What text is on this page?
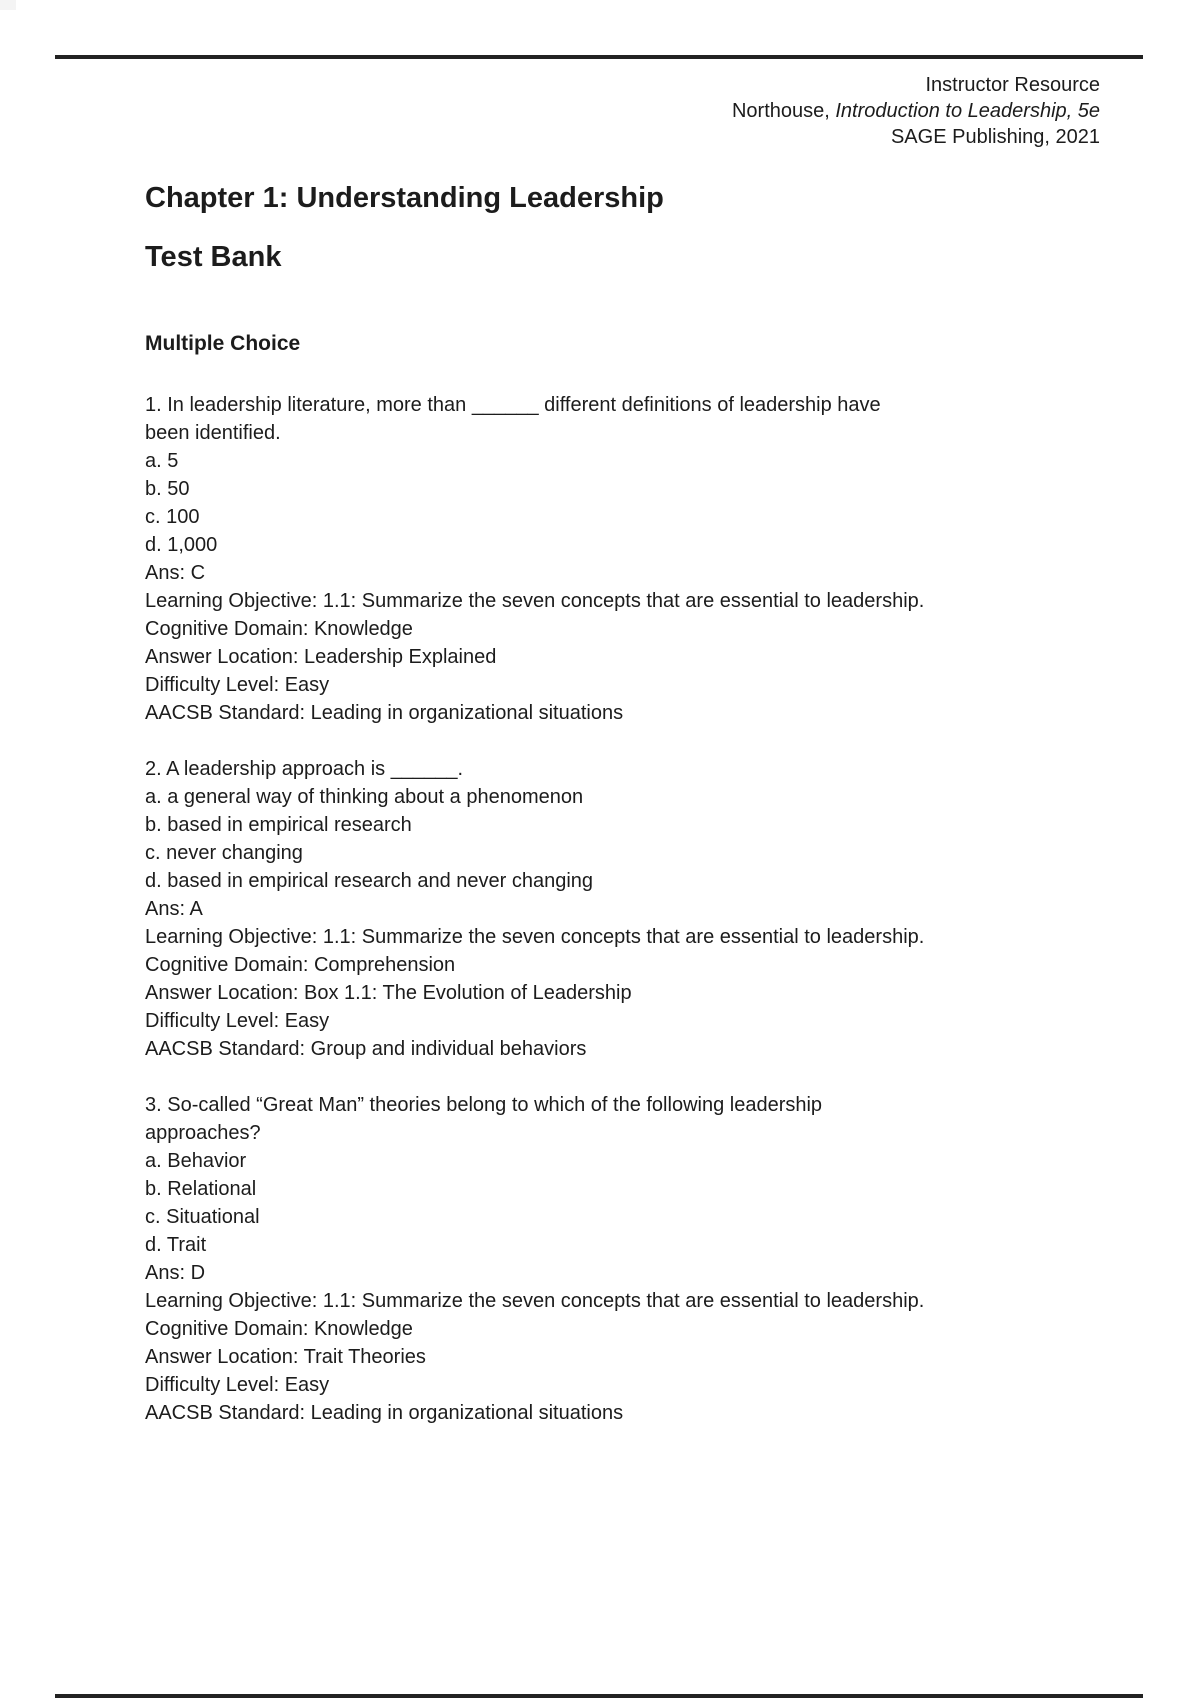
Instructor Resource
Northouse, Introduction to Leadership, 5e
SAGE Publishing, 2021
Chapter 1: Understanding Leadership
Test Bank
Multiple Choice
1. In leadership literature, more than ______ different definitions of leadership have
been identified.
a. 5
b. 50
c. 100
d. 1,000
Ans: C
Learning Objective: 1.1: Summarize the seven concepts that are essential to leadership.
Cognitive Domain: Knowledge
Answer Location: Leadership Explained
Difficulty Level: Easy
AACSB Standard: Leading in organizational situations
2. A leadership approach is ______.
a. a general way of thinking about a phenomenon
b. based in empirical research
c. never changing
d. based in empirical research and never changing
Ans: A
Learning Objective: 1.1: Summarize the seven concepts that are essential to leadership.
Cognitive Domain: Comprehension
Answer Location: Box 1.1: The Evolution of Leadership
Difficulty Level: Easy
AACSB Standard: Group and individual behaviors
3. So-called “Great Man” theories belong to which of the following leadership
approaches?
a. Behavior
b. Relational
c. Situational
d. Trait
Ans: D
Learning Objective: 1.1: Summarize the seven concepts that are essential to leadership.
Cognitive Domain: Knowledge
Answer Location: Trait Theories
Difficulty Level: Easy
AACSB Standard: Leading in organizational situations
